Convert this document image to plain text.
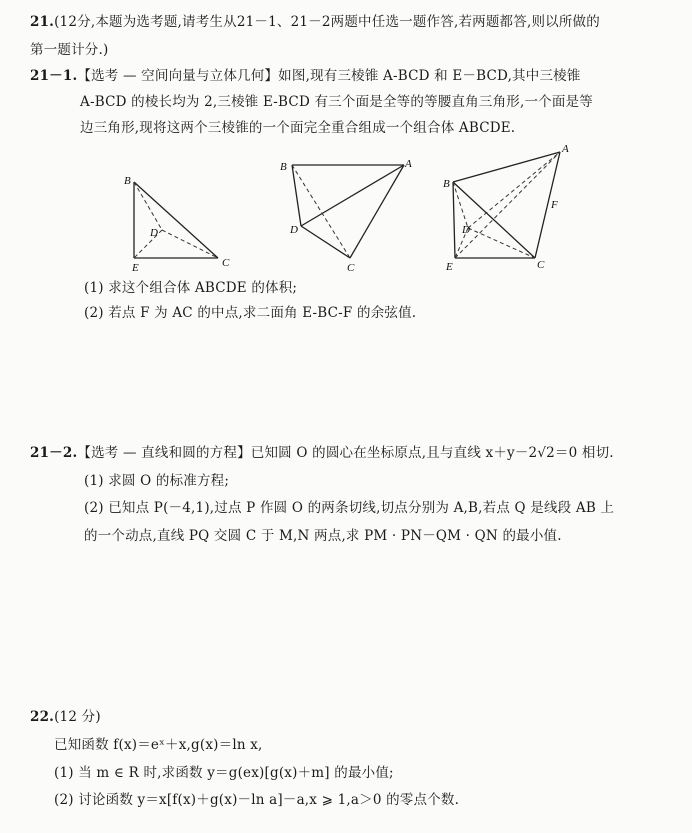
21.(12分,本题为选考题,请考生从21－1、21－2两题中任选一题作答,若两题都答,则以所做的
第一题计分.)
21－1.【选考 — 空间向量与立体几何】如图,现有三棱锥 A-BCD 和 E－BCD,其中三棱锥
A-BCD 的棱长均为 2,三棱锥 E-BCD 有三个面是全等的等腰直角三角形,一个面是等
边三角形,现将这两个三棱锥的一个面完全重合组成一个组合体 ABCDE.
B
D
E	C
B	A
D
C
B
A
D
E	C
F
(1) 求这个组合体 ABCDE 的体积;
(2) 若点 F 为 AC 的中点,求二面角 E-BC-F 的余弦值.
21－2.【选考 — 直线和圆的方程】已知圆 O 的圆心在坐标原点,且与直线 x＋y－2√2＝0 相切.
(1) 求圆 O 的标准方程;
(2) 已知点 P(－4,1),过点 P 作圆 O 的两条切线,切点分别为 A,B,若点 Q 是线段 AB 上
的一个动点,直线 PQ 交圆 C 于 M,N 两点,求 PM · PN－QM · QN 的最小值.
22.(12 分)
已知函数 f(x)＝eˣ＋x,g(x)＝ln x,
(1) 当 m ∈ R 时,求函数 y＝g(ex)[g(x)＋m] 的最小值;
(2) 讨论函数 y＝x[f(x)＋g(x)－ln a]－a,x ⩾ 1,a＞0 的零点个数.
